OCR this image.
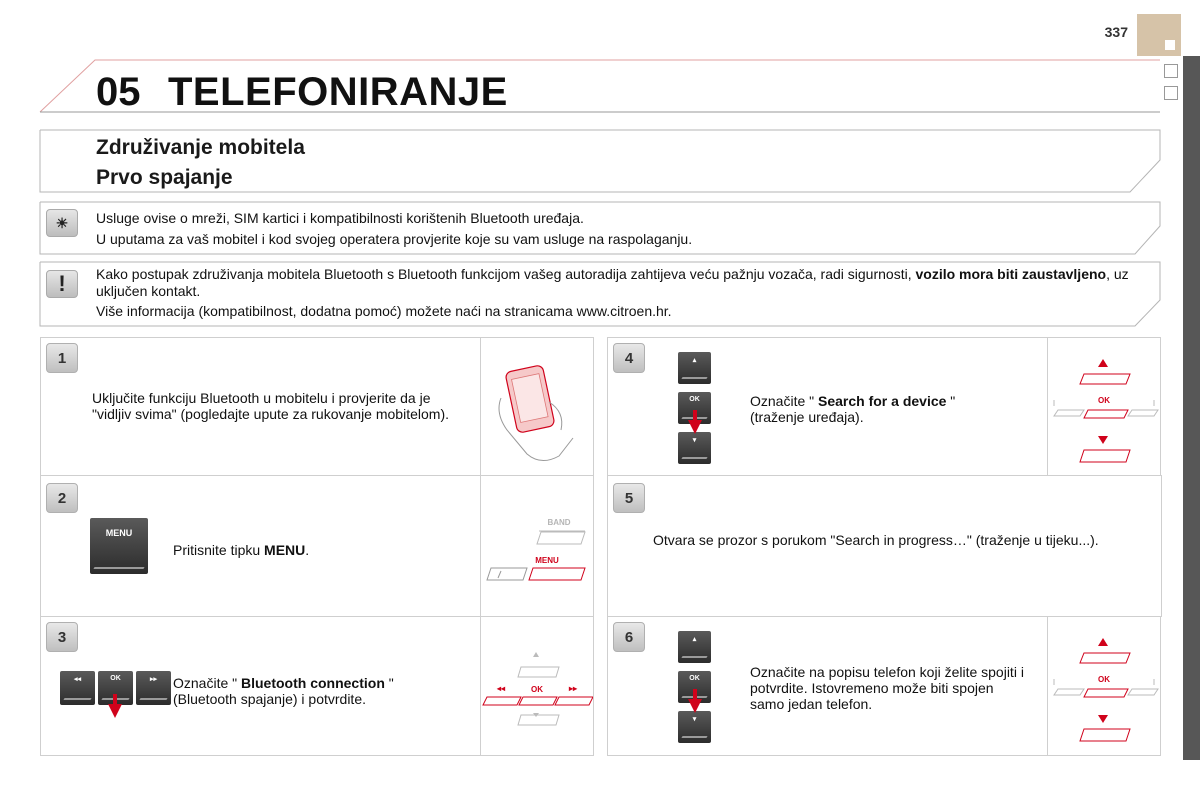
337
05 TELEFONIRANJE
Združivanje mobitela
Prvo spajanje
☀	Usluge ovise o mreži, SIM kartici i kompatibilnosti korištenih Bluetooth uređaja.
U uputama za vaš mobitel i kod svojeg operatera provjerite koje su vam usluge na raspolaganju.
!	Kako postupak združivanja mobitela Bluetooth s Bluetooth funkcijom vašeg autoradija zahtijeva veću pažnju vozača, radi sigurnosti, vozilo mora biti zaustavljeno, uz uključen kontakt.
Više informacija (kompatibilnost, dodatna pomoć) možete naći na stranicama www.citroen.hr.
1
Uključite funkciju Bluetooth u mobitelu i provjerite da je "vidljiv svima" (pogledajte upute za rukovanje mobitelom).
BAND
MENU
2
MENU
Pritisnite tipku MENU.
◂◂	OK	▸▸
3
◂◂	OK	▸▸	Označite " Bluetooth connection "
(Bluetooth spajanje) i potvrdite.
OK
4	▴
OK
▾
Označite " Search for a device "
(traženje uređaja).
5
Otvara se prozor s porukom "Search in progress…" (traženje u tijeku...).
OK
6	▴
OK
▾
Označite na popisu telefon koji želite spojiti i potvrdite. Istovremeno može biti spojen samo jedan telefon.
